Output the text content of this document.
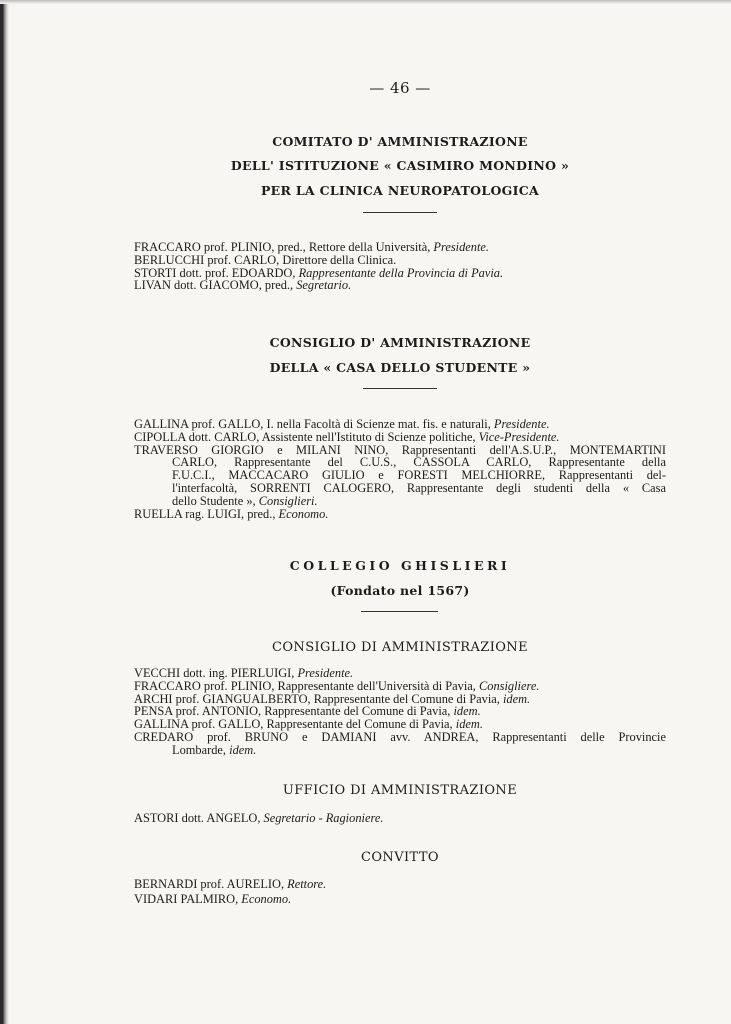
— 46 —
COMITATO D' AMMINISTRAZIONE
DELL' ISTITUZIONE « CASIMIRO MONDINO »
PER LA CLINICA NEUROPATOLOGICA
FRACCARO prof. PLINIO, pred., Rettore della Università, Presidente.
BERLUCCHI prof. CARLO, Direttore della Clinica.
STORTI dott. prof. EDOARDO, Rappresentante della Provincia di Pavia.
LIVAN dott. GIACOMO, pred., Segretario.
CONSIGLIO D' AMMINISTRAZIONE
DELLA « CASA DELLO STUDENTE »
GALLINA prof. GALLO, I. nella Facoltà di Scienze mat. fis. e naturali, Presidente.
CIPOLLA dott. CARLO, Assistente nell'Istituto di Scienze politiche, Vice-Presidente.
TRAVERSO GIORGIO e MILANI NINO, Rappresentanti dell'A.S.U.P., MONTEMARTINI
CARLO, Rappresentante del C.U.S., CASSOLA CARLO, Rappresentante della
F.U.C.I., MACCACARO GIULIO e FORESTI MELCHIORRE, Rappresentanti del-
l'interfacoltà, SORRENTI CALOGERO, Rappresentante degli studenti della « Casa
dello Studente », Consiglieri.
RUELLA rag. LUIGI, pred., Economo.
COLLEGIO GHISLIERI
(Fondato nel 1567)
CONSIGLIO DI AMMINISTRAZIONE
VECCHI dott. ing. PIERLUIGI, Presidente.
FRACCARO prof. PLINIO, Rappresentante dell'Università di Pavia, Consigliere.
ARCHI prof. GIANGUALBERTO, Rappresentante del Comune di Pavia, idem.
PENSA prof. ANTONIO, Rappresentante del Comune di Pavia, idem.
GALLINA prof. GALLO, Rappresentante del Comune di Pavia, idem.
CREDARO prof. BRUNO e DAMIANI avv. ANDREA, Rappresentanti delle Provincie
Lombarde, idem.
UFFICIO DI AMMINISTRAZIONE
ASTORI dott. ANGELO, Segretario - Ragioniere.
CONVITTO
BERNARDI prof. AURELIO, Rettore.
VIDARI PALMIRO, Economo.
